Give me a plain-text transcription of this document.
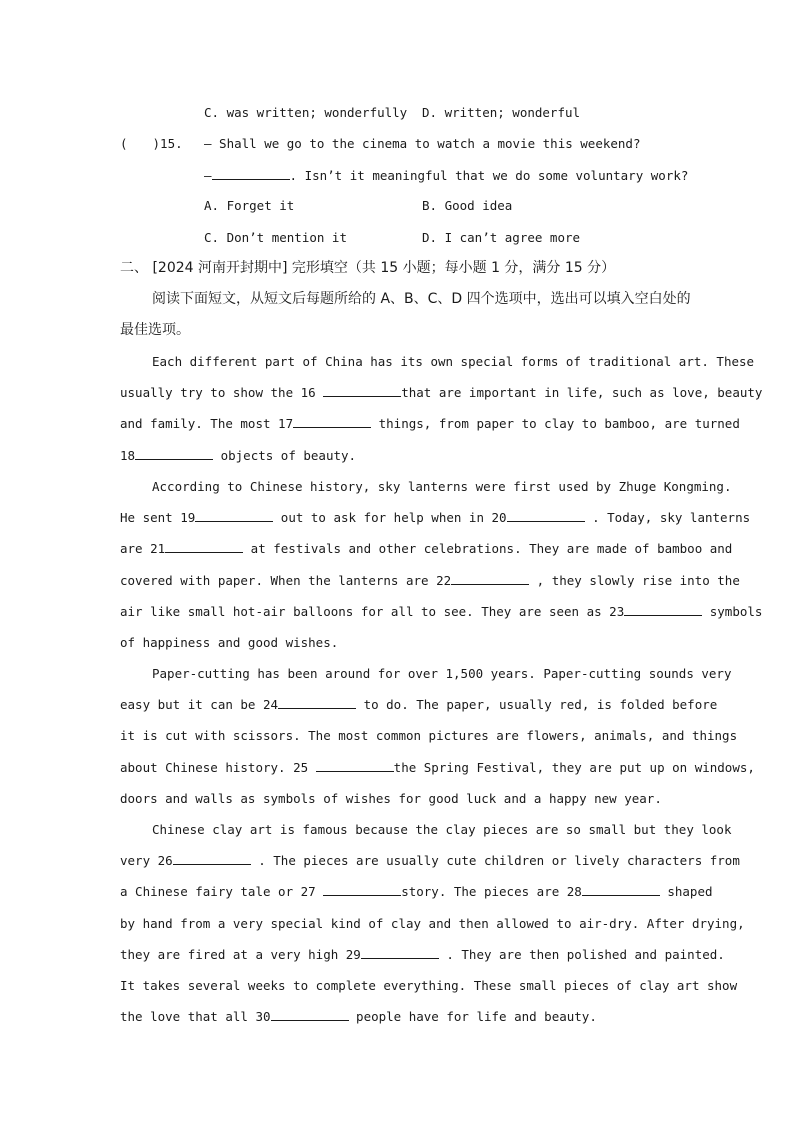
C. was written; wonderfully D. written; wonderful
(　　)15. — Shall we go to the cinema to watch a movie this weekend?
—	. Isn’t it meaningful that we do some voluntary work?
A. Forget it	B. Good idea
C. Don’t mention it	D. I can’t agree more
二、 [2024 河南开封期中] 完形填空（共 15 小题；每小题 1 分，满分 15 分）
阅读下面短文，从短文后每题所给的 A、B、C、D 四个选项中，选出可以填入空白处的
最佳选项。
Each different part of China has its own special forms of traditional art. These
usually try to show the 16	that are important in life, such as love, beauty
and family. The most 17	things, from paper to clay to bamboo, are turned
18	objects of beauty.
According to Chinese history, sky lanterns were first used by Zhuge Kongming.
He sent 19	out to ask for help when in 20	. Today, sky lanterns
are 21	at festivals and other celebrations. They are made of bamboo and
covered with paper. When the lanterns are 22	, they slowly rise into the
air like small hot-air balloons for all to see. They are seen as 23	symbols
of happiness and good wishes.
Paper-cutting has been around for over 1,500 years. Paper-cutting sounds very
easy but it can be 24	to do. The paper, usually red, is folded before
it is cut with scissors. The most common pictures are flowers, animals, and things
about Chinese history. 25	the Spring Festival, they are put up on windows,
doors and walls as symbols of wishes for good luck and a happy new year.
Chinese clay art is famous because the clay pieces are so small but they look
very 26	. The pieces are usually cute children or lively characters from
a Chinese fairy tale or 27	story. The pieces are 28	shaped
by hand from a very special kind of clay and then allowed to air-dry. After drying,
they are fired at a very high 29	. They are then polished and painted.
It takes several weeks to complete everything. These small pieces of clay art show
the love that all 30	people have for life and beauty.
